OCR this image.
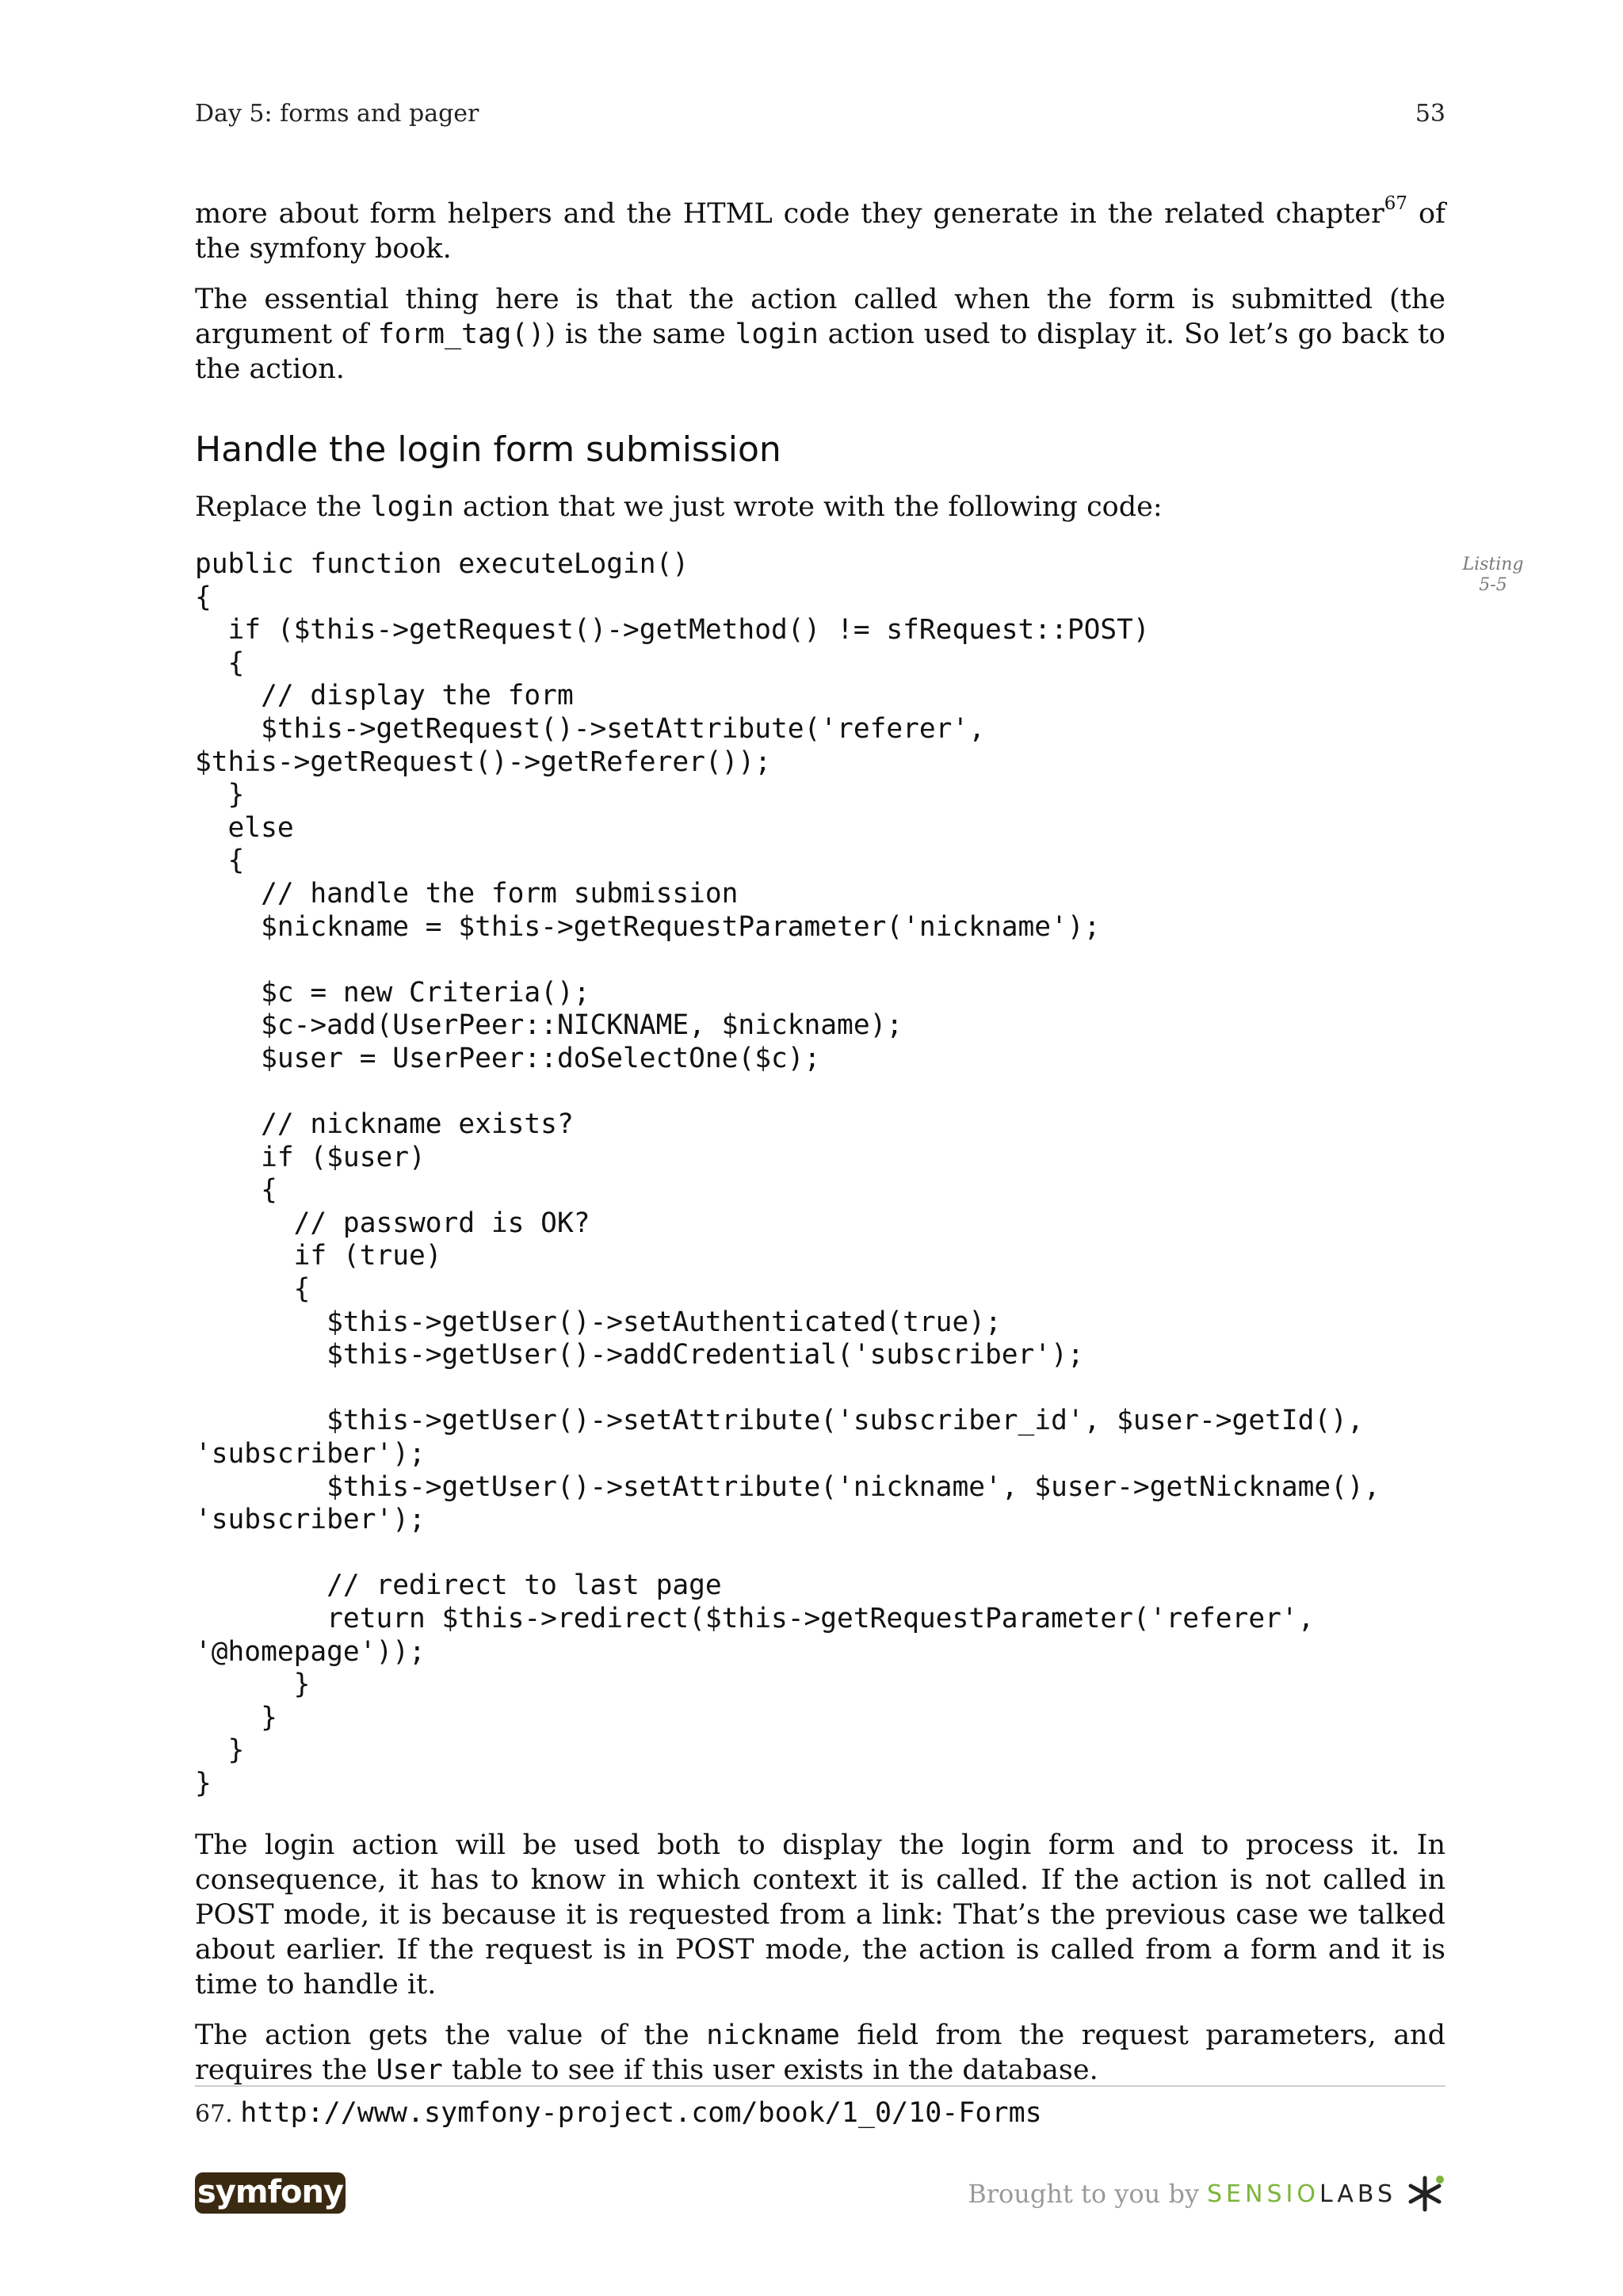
Day 5: forms and pager	53

more about form helpers and the HTML code they generate in the related chapter$^{67}$ of the symfony book.

The essential thing here is that the action called when the form is submitted (the argument of form_tag()) is the same login action used to display it. So let’s go back to the action.

Handle the login form submission

Replace the login action that we just wrote with the following code:

Listing
5-5
public function executeLogin()
{
if ($this->getRequest()->getMethod() != sfRequest::POST)
{
// display the form
$this->getRequest()->setAttribute('referer',
$this->getRequest()->getReferer());
}
else
{
// handle the form submission
$nickname = $this->getRequestParameter('nickname');

$c = new Criteria();
$c->add(UserPeer::NICKNAME, $nickname);
$user = UserPeer::doSelectOne($c);

// nickname exists?
if ($user)
{
// password is OK?
if (true)
{
$this->getUser()->setAuthenticated(true);
$this->getUser()->addCredential('subscriber');

$this->getUser()->setAttribute('subscriber_id', $user->getId(),
'subscriber');
$this->getUser()->setAttribute('nickname', $user->getNickname(),
'subscriber');

// redirect to last page
return $this->redirect($this->getRequestParameter('referer',
'@homepage'));
}
}
}
}

The login action will be used both to display the login form and to process it. In consequence, it has to know in which context it is called. If the action is not called in POST mode, it is because it is requested from a link: That’s the previous case we talked about earlier. If the request is in POST mode, the action is called from a form and it is time to handle it.

The action gets the value of the nickname field from the request parameters, and requires the User table to see if this user exists in the database.

67. http://www.symfony-project.com/book/1_0/10-Forms
symfony	Brought to you by SENSIOLABS
